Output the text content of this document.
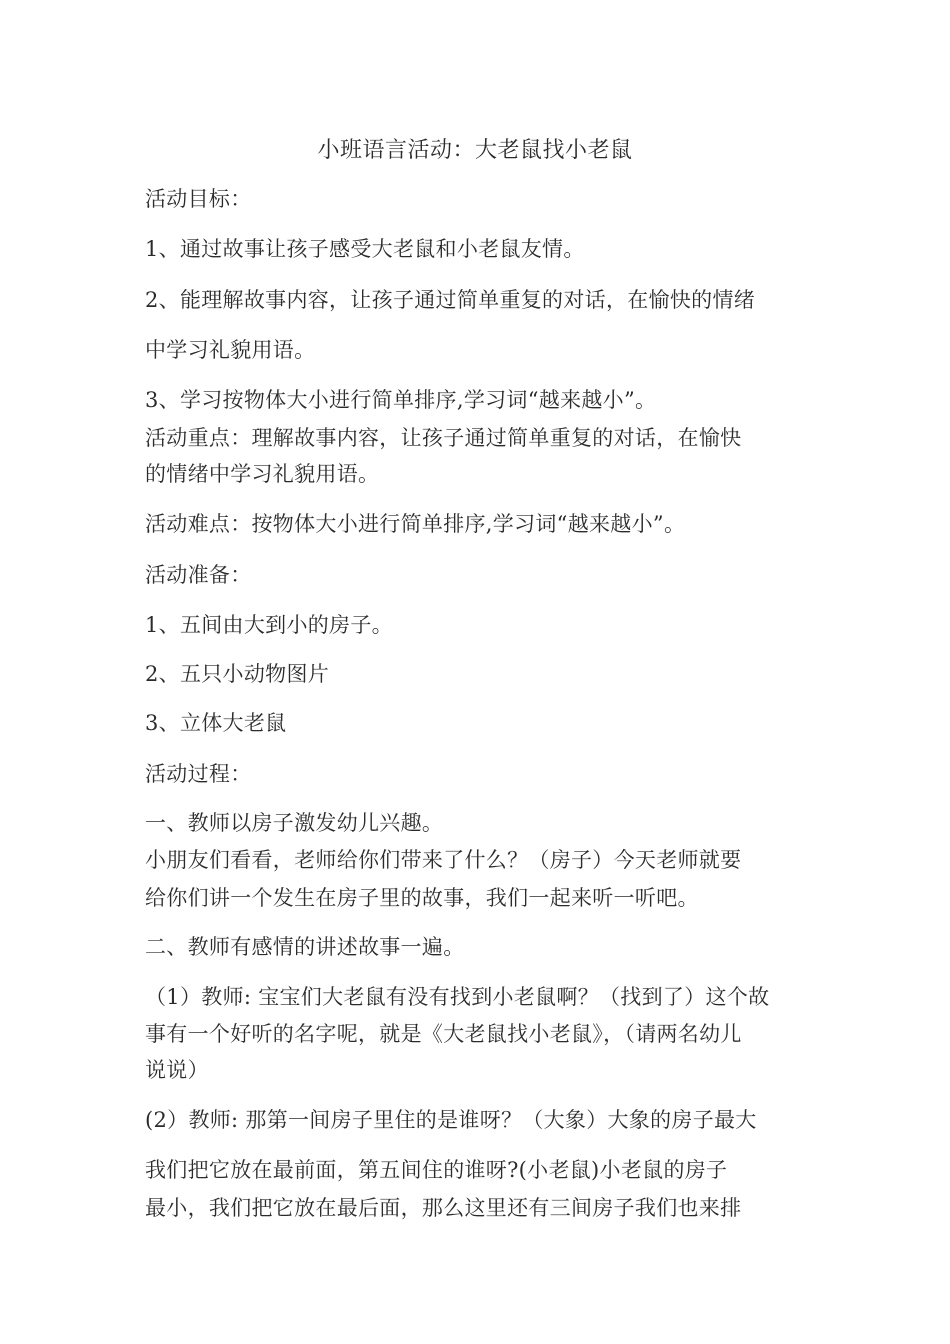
小班语言活动：大老鼠找小老鼠
活动目标：
1、通过故事让孩子感受大老鼠和小老鼠友情。
2、能理解故事内容，让孩子通过简单重复的对话，在愉快的情绪
中学习礼貌用语。
3、学习按物体大小进行简单排序,学习词“越来越小”。
活动重点：理解故事内容，让孩子通过简单重复的对话，在愉快
的情绪中学习礼貌用语。
活动难点：按物体大小进行简单排序,学习词“越来越小”。
活动准备：
1、五间由大到小的房子。
2、五只小动物图片
3、立体大老鼠
活动过程：
一、教师以房子激发幼儿兴趣。
小朋友们看看，老师给你们带来了什么？（房子）今天老师就要
给你们讲一个发生在房子里的故事，我们一起来听一听吧。
二、教师有感情的讲述故事一遍。
（1）教师: 宝宝们大老鼠有没有找到小老鼠啊？（找到了）这个故
事有一个好听的名字呢，就是《大老鼠找小老鼠》，（请两名幼儿
说说）
(2）教师: 那第一间房子里住的是谁呀？（大象）大象的房子最大
我们把它放在最前面，第五间住的谁呀?(小老鼠)小老鼠的房子
最小，我们把它放在最后面，那么这里还有三间房子我们也来排
